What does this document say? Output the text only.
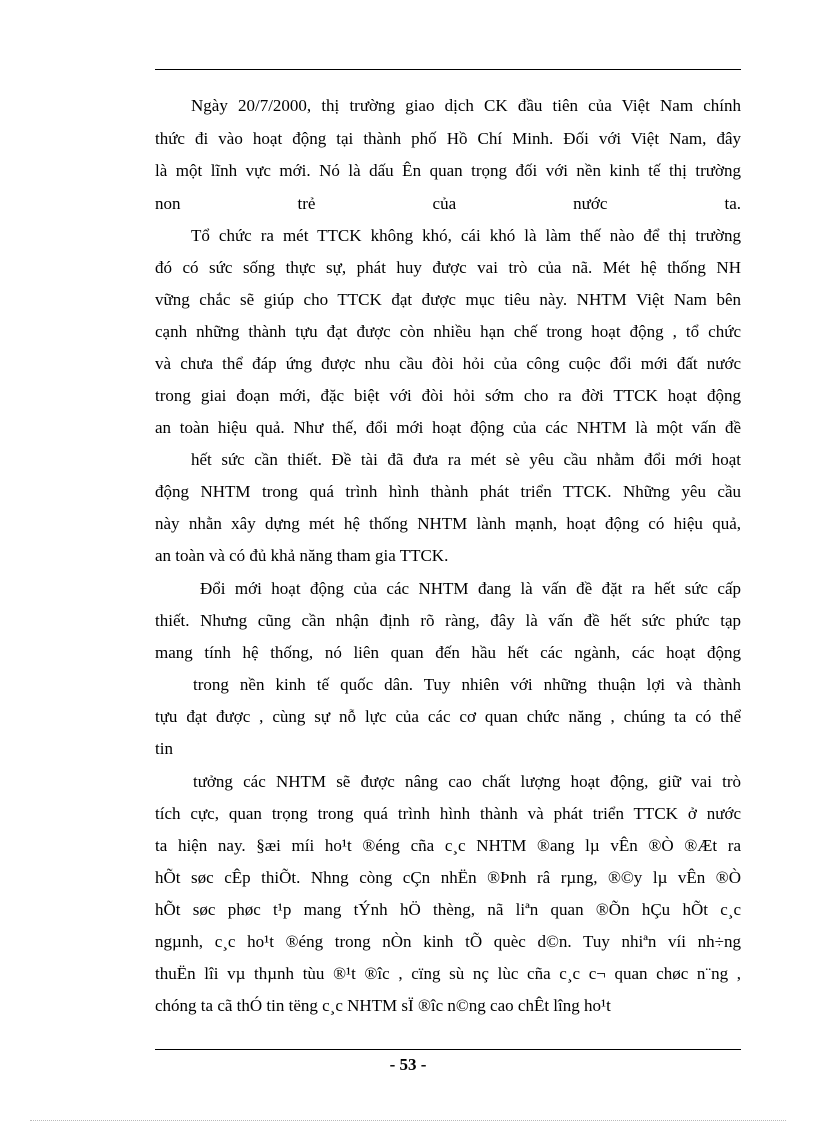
Ngày 20/7/2000, thị trường giao dịch CK đầu tiên của Việt Nam chính
thức đi vào hoạt động tại thành phố Hồ Chí Minh. Đối với Việt Nam, đây
là một lĩnh vực mới. Nó là dấu Ên quan trọng đối với nền kinh tế thị trường
non trẻ của nước ta.
Tổ chức ra mét TTCK không khó, cái khó là làm thế nào để thị trường
đó có sức sống thực sự, phát huy được vai trò của nã. Mét hệ thống NH
vững chắc sẽ giúp cho TTCK đạt được mục tiêu này. NHTM Việt Nam bên
cạnh những thành tựu đạt được còn nhiều hạn chế trong hoạt động , tổ chức
và chưa thể đáp ứng được nhu cầu đòi hỏi của công cuộc đổi mới đất nước
trong giai đoạn mới, đặc biệt với đòi hỏi sớm cho ra đời TTCK hoạt động
an toàn hiệu quả. Như thế, đổi mới hoạt động của các NHTM là một vấn đề
hết sức cần thiết. Đề tài đã đưa ra mét sè yêu cầu nhằm đổi mới hoạt
động NHTM trong quá trình hình thành phát triển TTCK. Những yêu cầu
này nhằn xây dựng mét hệ thống NHTM lành mạnh, hoạt động có hiệu quả,
an toàn và có đủ khả năng tham gia TTCK.
Đổi mới hoạt động của các NHTM đang là vấn đề đặt ra hết sức cấp
thiết. Nhưng cũng cần nhận định rõ ràng, đây là vấn đề hết sức phức tạp
mang tính hệ thống, nó liên quan đến hầu hết các ngành, các hoạt động
trong nền kinh tế quốc dân. Tuy nhiên với những thuận lợi và thành
tựu đạt được , cùng sự nỗ lực của các cơ quan chức năng , chúng ta có thể
tin
tưởng các NHTM sẽ được nâng cao chất lượng hoạt động, giữ vai trò
tích cực, quan trọng trong quá trình hình thành và phát triển TTCK ở nước
ta hiện nay. §æi míi ho¹t ®éng cña c¸c NHTM ®ang lµ vÊn ®Ò ®Æt ra
hÕt søc cÊp thiÕt. Nhng còng cÇn nhËn ®Þnh râ rµng, ®©y lµ vÊn ®Ò
hÕt søc phøc t¹p mang tÝnh hÖ thèng, nã liªn quan ®Õn hÇu hÕt c¸c
ngµnh, c¸c ho¹t ®éng trong nÒn kinh tÕ quèc d©n. Tuy nhiªn víi nh÷ng
thuËn lîi vµ thµnh tùu ®¹t ®îc , cïng sù nç lùc cña c¸c c¬ quan chøc n¨ng ,
chóng ta cã thÓ tin tëng c¸c NHTM sÏ ®îc n©ng cao chÊt lîng ho¹t
- 53 -
